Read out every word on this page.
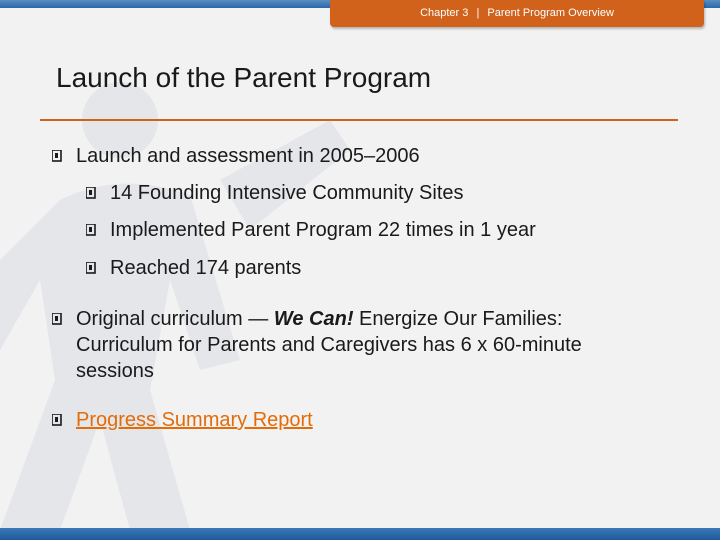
Chapter 3 | Parent Program Overview
Launch of the Parent Program
Launch and assessment in 2005–2006
14 Founding Intensive Community Sites
Implemented Parent Program 22 times in 1 year
Reached 174 parents
Original curriculum — We Can! Energize Our Families: Curriculum for Parents and Caregivers has 6 x 60-minute sessions
Progress Summary Report
